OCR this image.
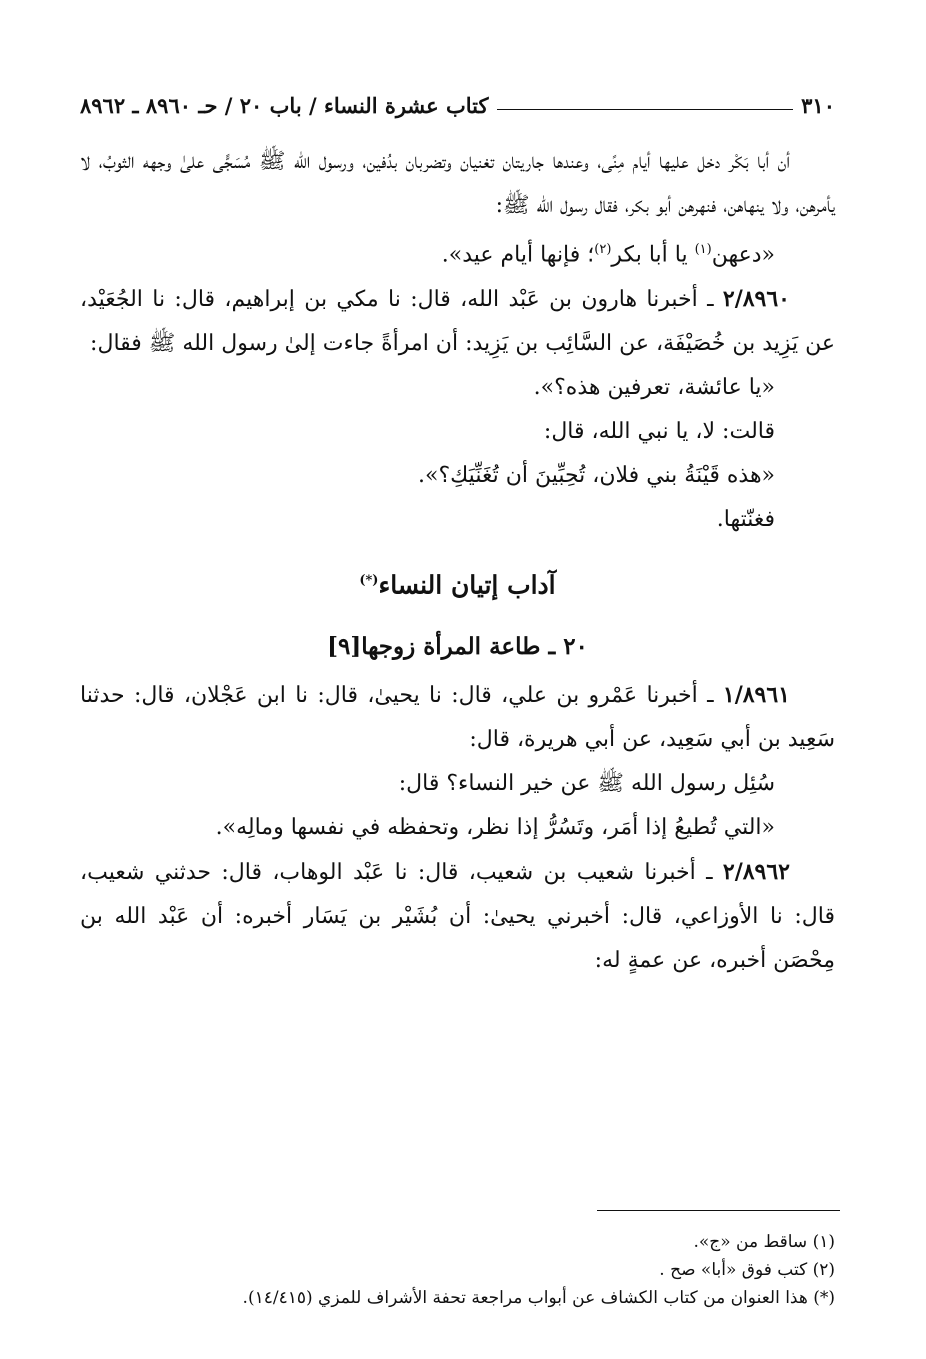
٣١٠
كتاب عشرة النساء / باب ٢٠ / حـ ٨٩٦٠ ـ ٨٩٦٢

أن أبا بَكْر دخل عليها أيام مِنًى، وعندها جاريتان تغنيان وتضربان بدُفين، ورسول الله ﷺ مُسَجًّى علىٰ وجهه الثوبُ، لا يأمرهن، ولا ينهاهن، فنهرهن أبو بكر، فقال رسول الله ﷺ:

«دعهن$^{(١)}$ يا أبا بكر$^{(٢)}$؛ فإنها أيام عيد».

٢/٨٩٦٠ ـ أخبرنا هارون بن عَبْد الله، قال: نا مكي بن إبراهيم، قال: نا الجُعَيْد، عن يَزِيد بن خُصَيْفَة، عن السَّائِب بن يَزِيد: أن امرأةً جاءت إلىٰ رسول الله ﷺ فقال:

«يا عائشة، تعرفين هذه؟».

قالت: لا، يا نبي الله، قال:

«هذه قَيْنَةُ بني فلان، تُحِبِّينَ أن تُغَنِّيَكِ؟».

فغنّتها.

آداب إتيان النساء(*)

٢٠ ـ طاعة المرأة زوجها[٩]

١/٨٩٦١ ـ أخبرنا عَمْرو بن علي، قال: نا يحيىٰ، قال: نا ابن عَجْلان، قال: حدثنا سَعِيد بن أبي سَعِيد، عن أبي هريرة، قال:

سُئِل رسول الله ﷺ عن خير النساء؟ قال:

«التي تُطيعُ إذا أمَر، وتَسُرُّ إذا نظر، وتحفظه في نفسها ومالِه».

٢/٨٩٦٢ ـ أخبرنا شعيب بن شعيب، قال: نا عَبْد الوهاب، قال: حدثني شعيب، قال: نا الأوزاعي، قال: أخبرني يحيىٰ: أن بُشَيْر بن يَسَار أخبره: أن عَبْد الله بن مِحْصَن أخبره، عن عمةٍ له:

(١) ساقط من «ج».

(٢) كتب فوق «أبا» صح .

(*) هذا العنوان من كتاب الكشاف عن أبواب مراجعة تحفة الأشراف للمزي (١٤/٤١٥).
